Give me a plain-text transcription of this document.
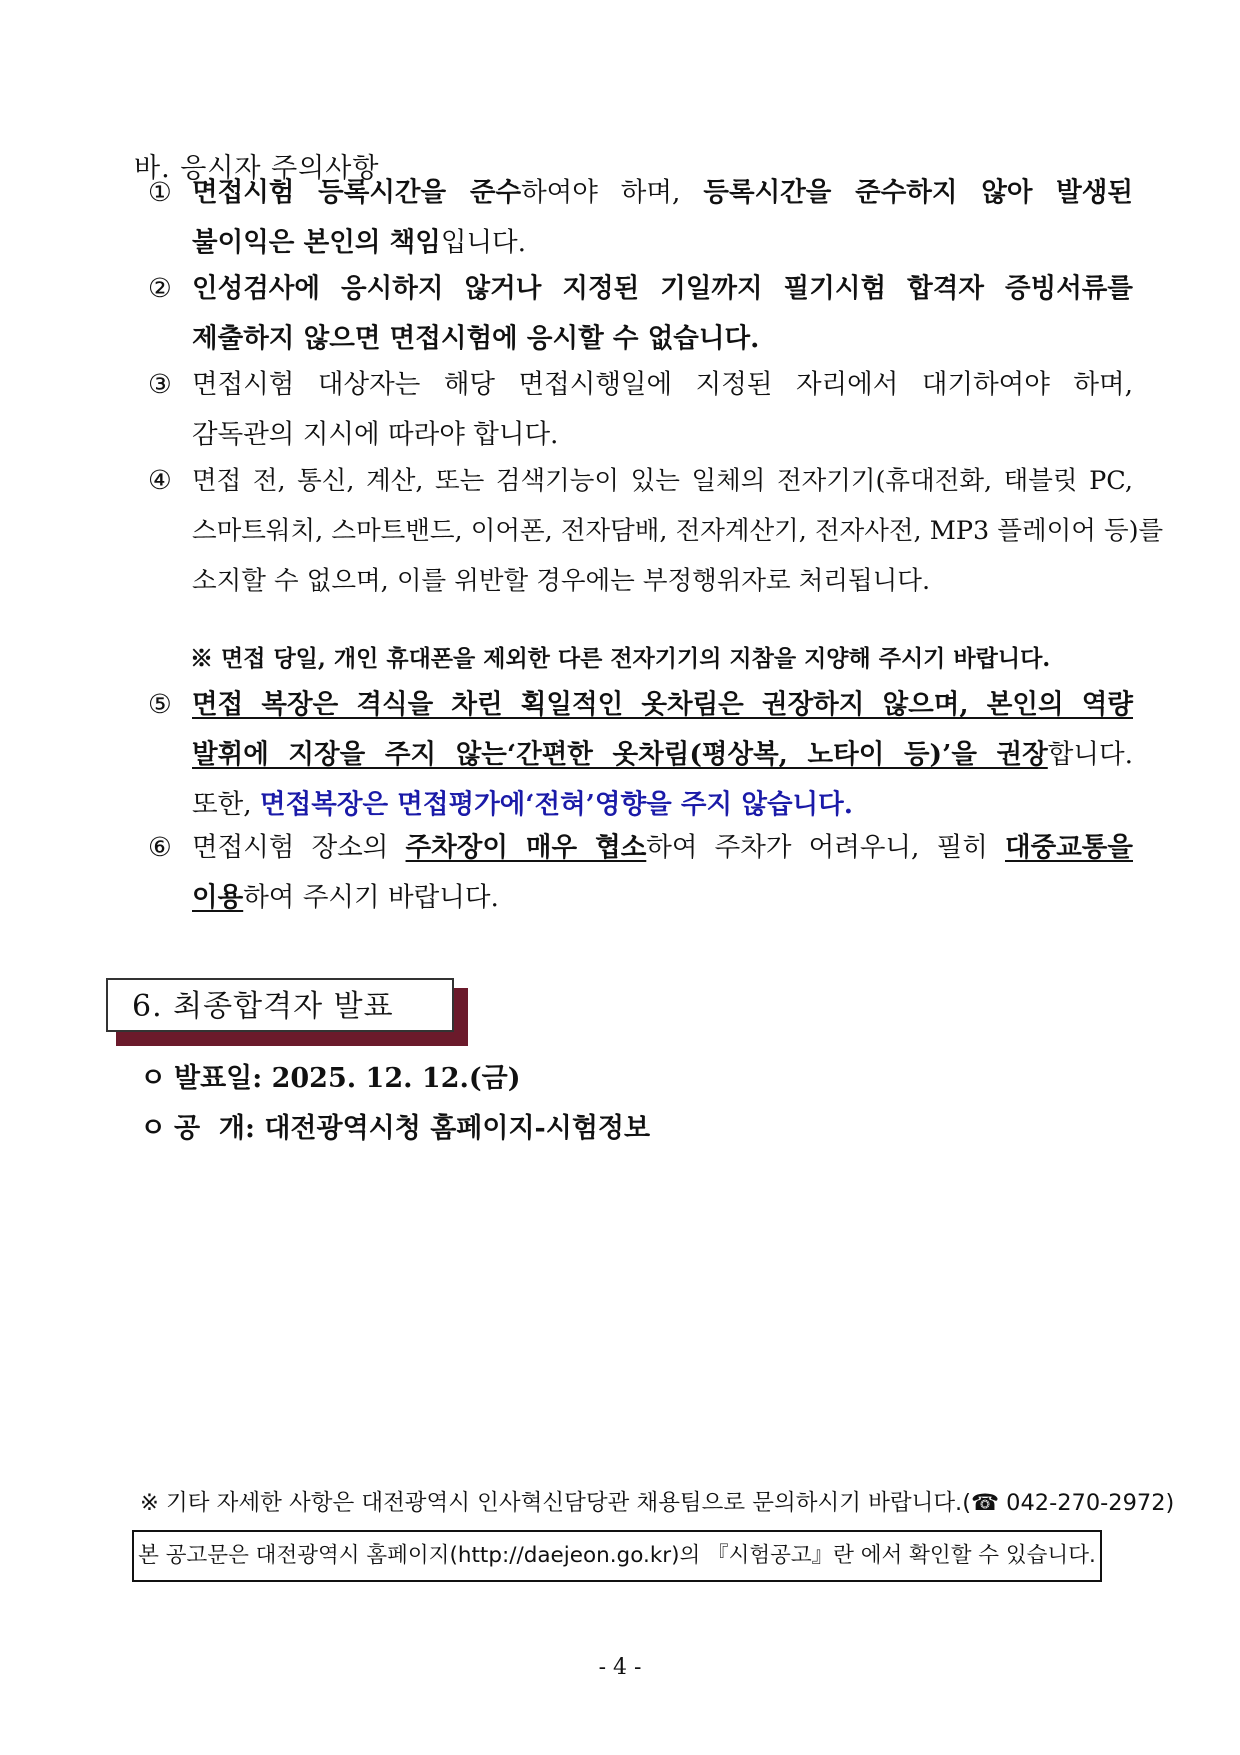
바. 응시자 주의사항
① 면접시험 등록시간을 준수하여야 하며, 등록시간을 준수하지 않아 발생된
불이익은 본인의 책임입니다.
② 인성검사에 응시하지 않거나 지정된 기일까지 필기시험 합격자 증빙서류를
제출하지 않으면 면접시험에 응시할 수 없습니다.
③ 면접시험 대상자는 해당 면접시행일에 지정된 자리에서 대기하여야 하며,
감독관의 지시에 따라야 합니다.
④ 면접 전, 통신, 계산, 또는 검색기능이 있는 일체의 전자기기(휴대전화, 태블릿 PC,
스마트워치, 스마트밴드, 이어폰, 전자담배, 전자계산기, 전자사전, MP3 플레이어 등)를
소지할 수 없으며, 이를 위반할 경우에는 부정행위자로 처리됩니다.
※ 면접 당일, 개인 휴대폰을 제외한 다른 전자기기의 지참을 지양해 주시기 바랍니다.
⑤ 면접 복장은 격식을 차린 획일적인 옷차림은 권장하지 않으며, 본인의 역량
발휘에 지장을 주지 않는‘간편한 옷차림(평상복, 노타이 등)’을 권장합니다.
또한, 면접복장은 면접평가에‘전혀’영향을 주지 않습니다.
⑥ 면접시험 장소의 주차장이 매우 협소하여 주차가 어려우니, 필히 대중교통을
이용하여 주시기 바랍니다.
6. 최종합격자 발표
ㅇ 발표일: 2025. 12. 12.(금)
ㅇ 공  개: 대전광역시청 홈페이지-시험정보
※ 기타 자세한 사항은 대전광역시 인사혁신담당관 채용팀으로 문의하시기 바랍니다.(☎ 042-270-2972)
본 공고문은 대전광역시 홈페이지(http://daejeon.go.kr)의 『시험공고』란 에서 확인할 수 있습니다.
- 4 -
